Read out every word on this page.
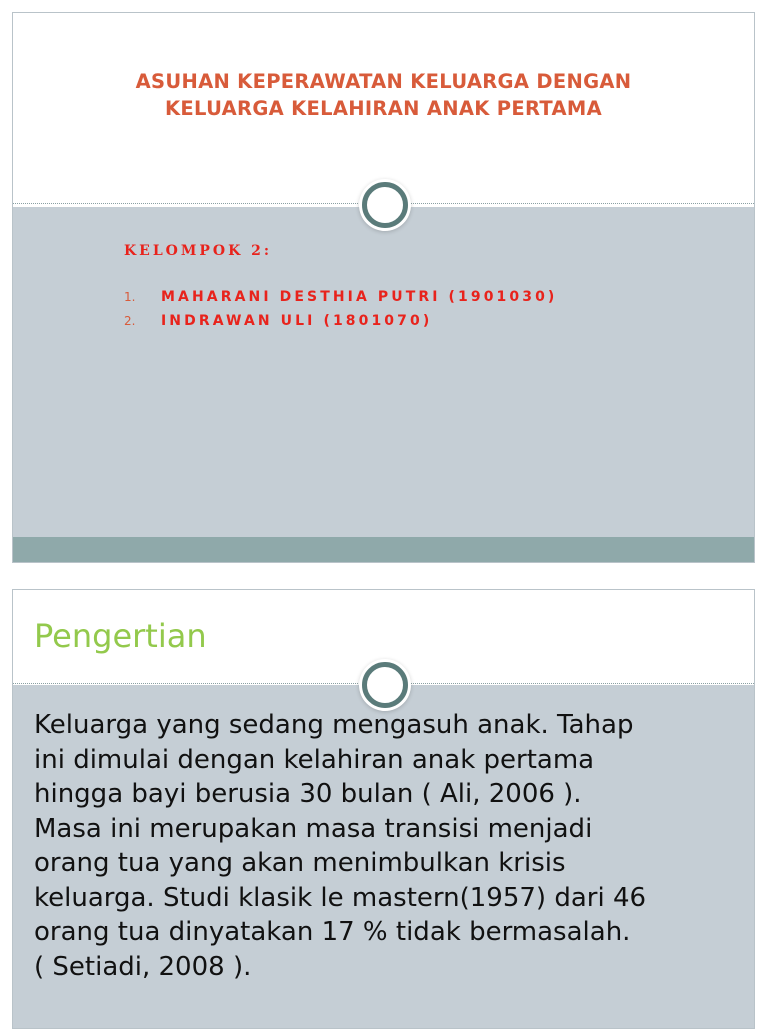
ASUHAN KEPERAWATAN KELUARGA DENGAN
KELUARGA KELAHIRAN ANAK PERTAMA
KELOMPOK 2:
1.	MAHARANI DESTHIA PUTRI (1901030)
2.	INDRAWAN ULI (1801070)
Pengertian
Keluarga yang sedang mengasuh anak. Tahap
ini dimulai dengan kelahiran anak pertama
hingga bayi berusia 30 bulan ( Ali, 2006 ).
Masa ini merupakan masa transisi menjadi
orang tua yang akan menimbulkan krisis
keluarga. Studi klasik le mastern(1957) dari 46
orang tua dinyatakan 17 % tidak bermasalah.
( Setiadi, 2008 ).
